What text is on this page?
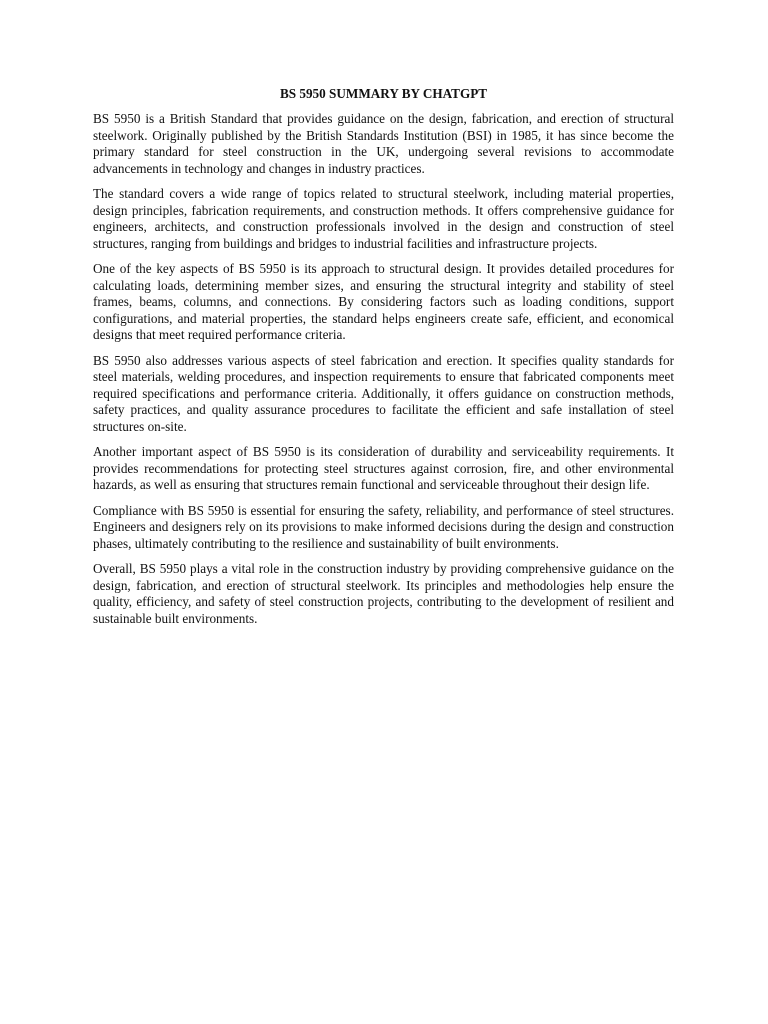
BS 5950 SUMMARY BY CHATGPT

BS 5950 is a British Standard that provides guidance on the design, fabrication, and erection of structural steelwork. Originally published by the British Standards Institution (BSI) in 1985, it has since become the primary standard for steel construction in the UK, undergoing several revisions to accommodate advancements in technology and changes in industry practices.

The standard covers a wide range of topics related to structural steelwork, including material properties, design principles, fabrication requirements, and construction methods. It offers comprehensive guidance for engineers, architects, and construction professionals involved in the design and construction of steel structures, ranging from buildings and bridges to industrial facilities and infrastructure projects.

One of the key aspects of BS 5950 is its approach to structural design. It provides detailed procedures for calculating loads, determining member sizes, and ensuring the structural integrity and stability of steel frames, beams, columns, and connections. By considering factors such as loading conditions, support configurations, and material properties, the standard helps engineers create safe, efficient, and economical designs that meet required performance criteria.

BS 5950 also addresses various aspects of steel fabrication and erection. It specifies quality standards for steel materials, welding procedures, and inspection requirements to ensure that fabricated components meet required specifications and performance criteria. Additionally, it offers guidance on construction methods, safety practices, and quality assurance procedures to facilitate the efficient and safe installation of steel structures on-site.

Another important aspect of BS 5950 is its consideration of durability and serviceability requirements. It provides recommendations for protecting steel structures against corrosion, fire, and other environmental hazards, as well as ensuring that structures remain functional and serviceable throughout their design life.

Compliance with BS 5950 is essential for ensuring the safety, reliability, and performance of steel structures. Engineers and designers rely on its provisions to make informed decisions during the design and construction phases, ultimately contributing to the resilience and sustainability of built environments.

Overall, BS 5950 plays a vital role in the construction industry by providing comprehensive guidance on the design, fabrication, and erection of structural steelwork. Its principles and methodologies help ensure the quality, efficiency, and safety of steel construction projects, contributing to the development of resilient and sustainable built environments.
